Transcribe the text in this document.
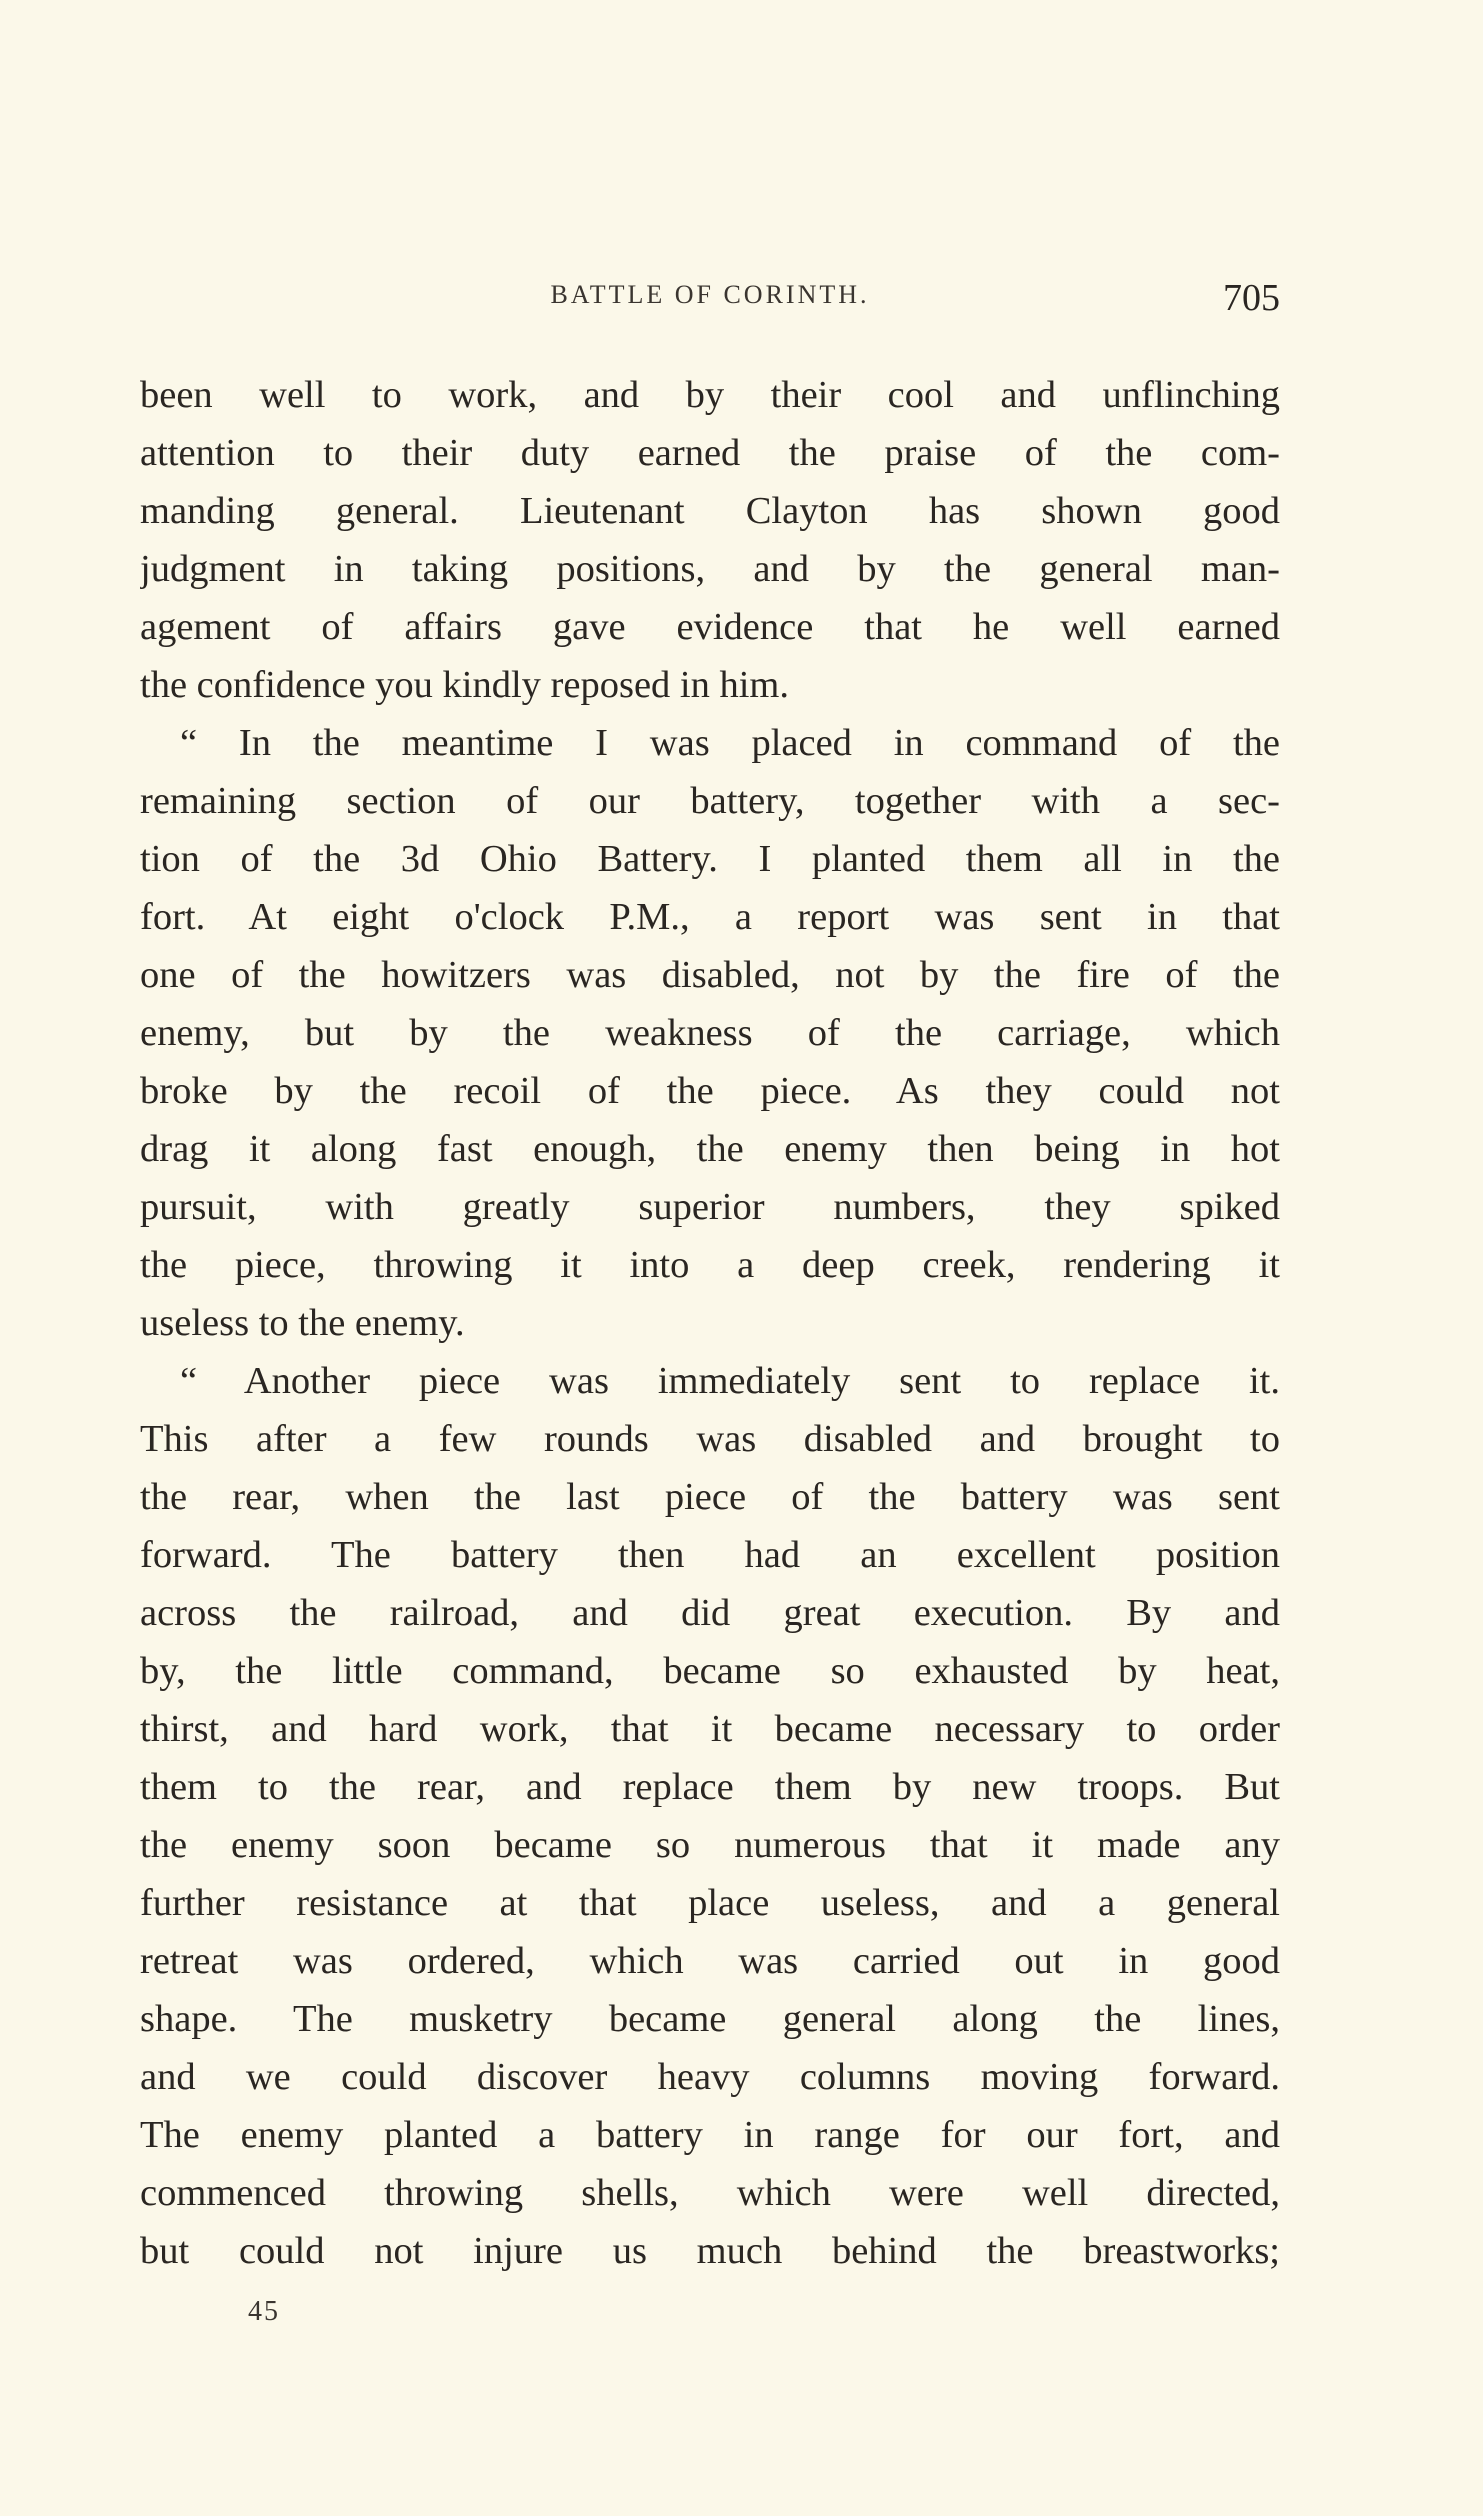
BATTLE OF CORINTH.	705
been well to work, and by their cool and unflinching
attention to their duty earned the praise of the com-
manding general. Lieutenant Clayton has shown good
judgment in taking positions, and by the general man-
agement of affairs gave evidence that he well earned
the confidence you kindly reposed in him.
“ In the meantime I was placed in command of the
remaining section of our battery, together with a sec-
tion of the 3d Ohio Battery. I planted them all in the
fort. At eight o'clock P.M., a report was sent in that
one of the howitzers was disabled, not by the fire of the
enemy, but by the weakness of the carriage, which
broke by the recoil of the piece. As they could not
drag it along fast enough, the enemy then being in hot
pursuit, with greatly superior numbers, they spiked
the piece, throwing it into a deep creek, rendering it
useless to the enemy.
“ Another piece was immediately sent to replace it.
This after a few rounds was disabled and brought to
the rear, when the last piece of the battery was sent
forward. The battery then had an excellent position
across the railroad, and did great execution. By and
by, the little command, became so exhausted by heat,
thirst, and hard work, that it became necessary to order
them to the rear, and replace them by new troops. But
the enemy soon became so numerous that it made any
further resistance at that place useless, and a general
retreat was ordered, which was carried out in good
shape. The musketry became general along the lines,
and we could discover heavy columns moving forward.
The enemy planted a battery in range for our fort, and
commenced throwing shells, which were well directed,
but could not injure us much behind the breastworks;
45
